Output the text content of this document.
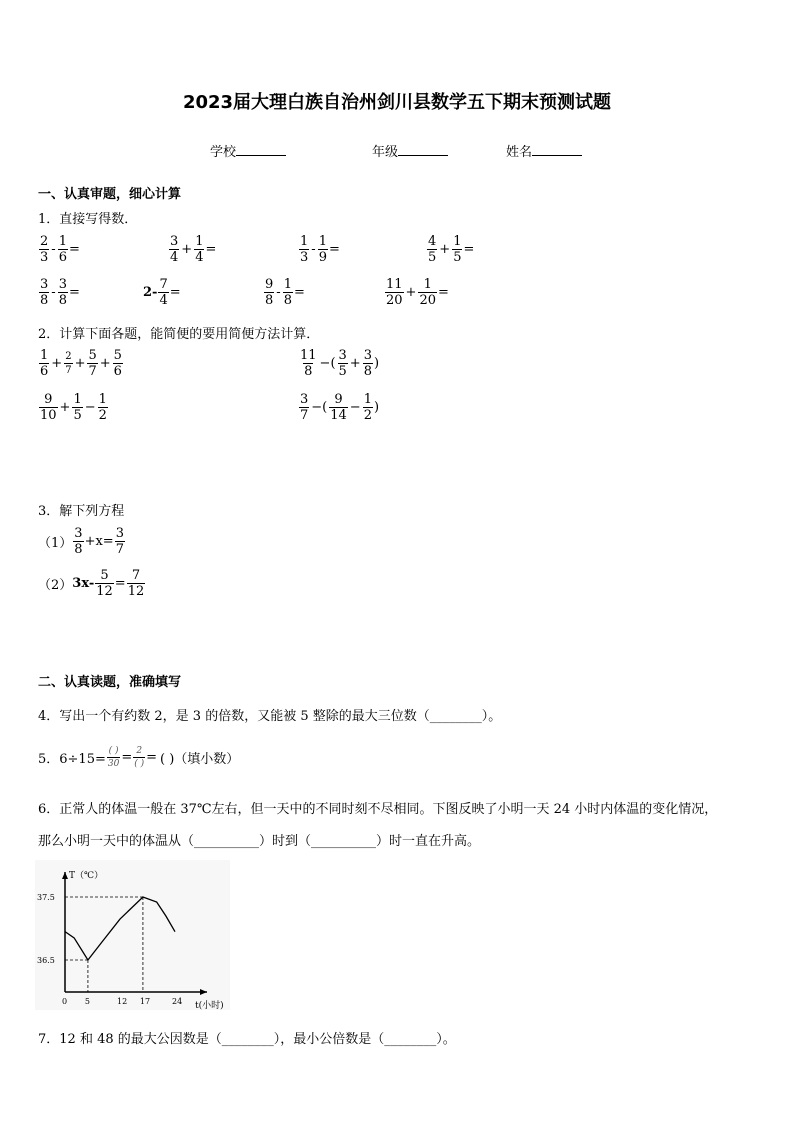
2023届大理白族自治州剑川县数学五下期末预测试题
学校	年级	姓名
一、认真审题，细心计算
1．直接写得数．
$\frac{2}{3} - \frac{1}{6}$ =	$\frac{3}{4} + \frac{1}{4}$ =	$\frac{1}{3} - \frac{1}{9}$ =	$\frac{4}{5} + \frac{1}{5}$ =
$\frac{3}{8} - \frac{3}{8}$ =	$2- \frac{7}{4}$ =	$\frac{9}{8} - \frac{1}{8}$ =	$\frac{11}{20} + \frac{1}{20}$ =
2．计算下面各题，能简便的要用简便方法计算．
$\frac{1}{6} + \frac{2}{7} + \frac{5}{7} + \frac{5}{6}$	$\frac{11}{8}$ −( $\frac{3}{5} + \frac{3}{8}$ )
$\frac{9}{10} + \frac{1}{5} - \frac{1}{2}$	$\frac{3}{7}$ −( $\frac{9}{14} - \frac{1}{2}$ )
3．解下列方程
$(1) \frac{3}{8} +x= \frac{3}{7}$
（2） $3x- \frac{5}{12} = \frac{7}{12}$
二、认真读题，准确填写
4．写出一个有约数 2，是 3 的倍数，又能被 5 整除的最大三位数（________）。
5．$6\div 15= \frac{( )}{30} = \frac{2}{( )}$ = ( )（填小数）
6．正常人的体温一般在 37℃左右，但一天中的不同时刻不尽相同。下图反映了小明一天 24 小时内体温的变化情况，
那么小明一天中的体温从（__________）时到（__________）时一直在升高。
T（℃）
t(小时)
36.5
37.5
0 5	12 17	24
7．12 和 48 的最大公因数是（________），最小公倍数是（________）。
